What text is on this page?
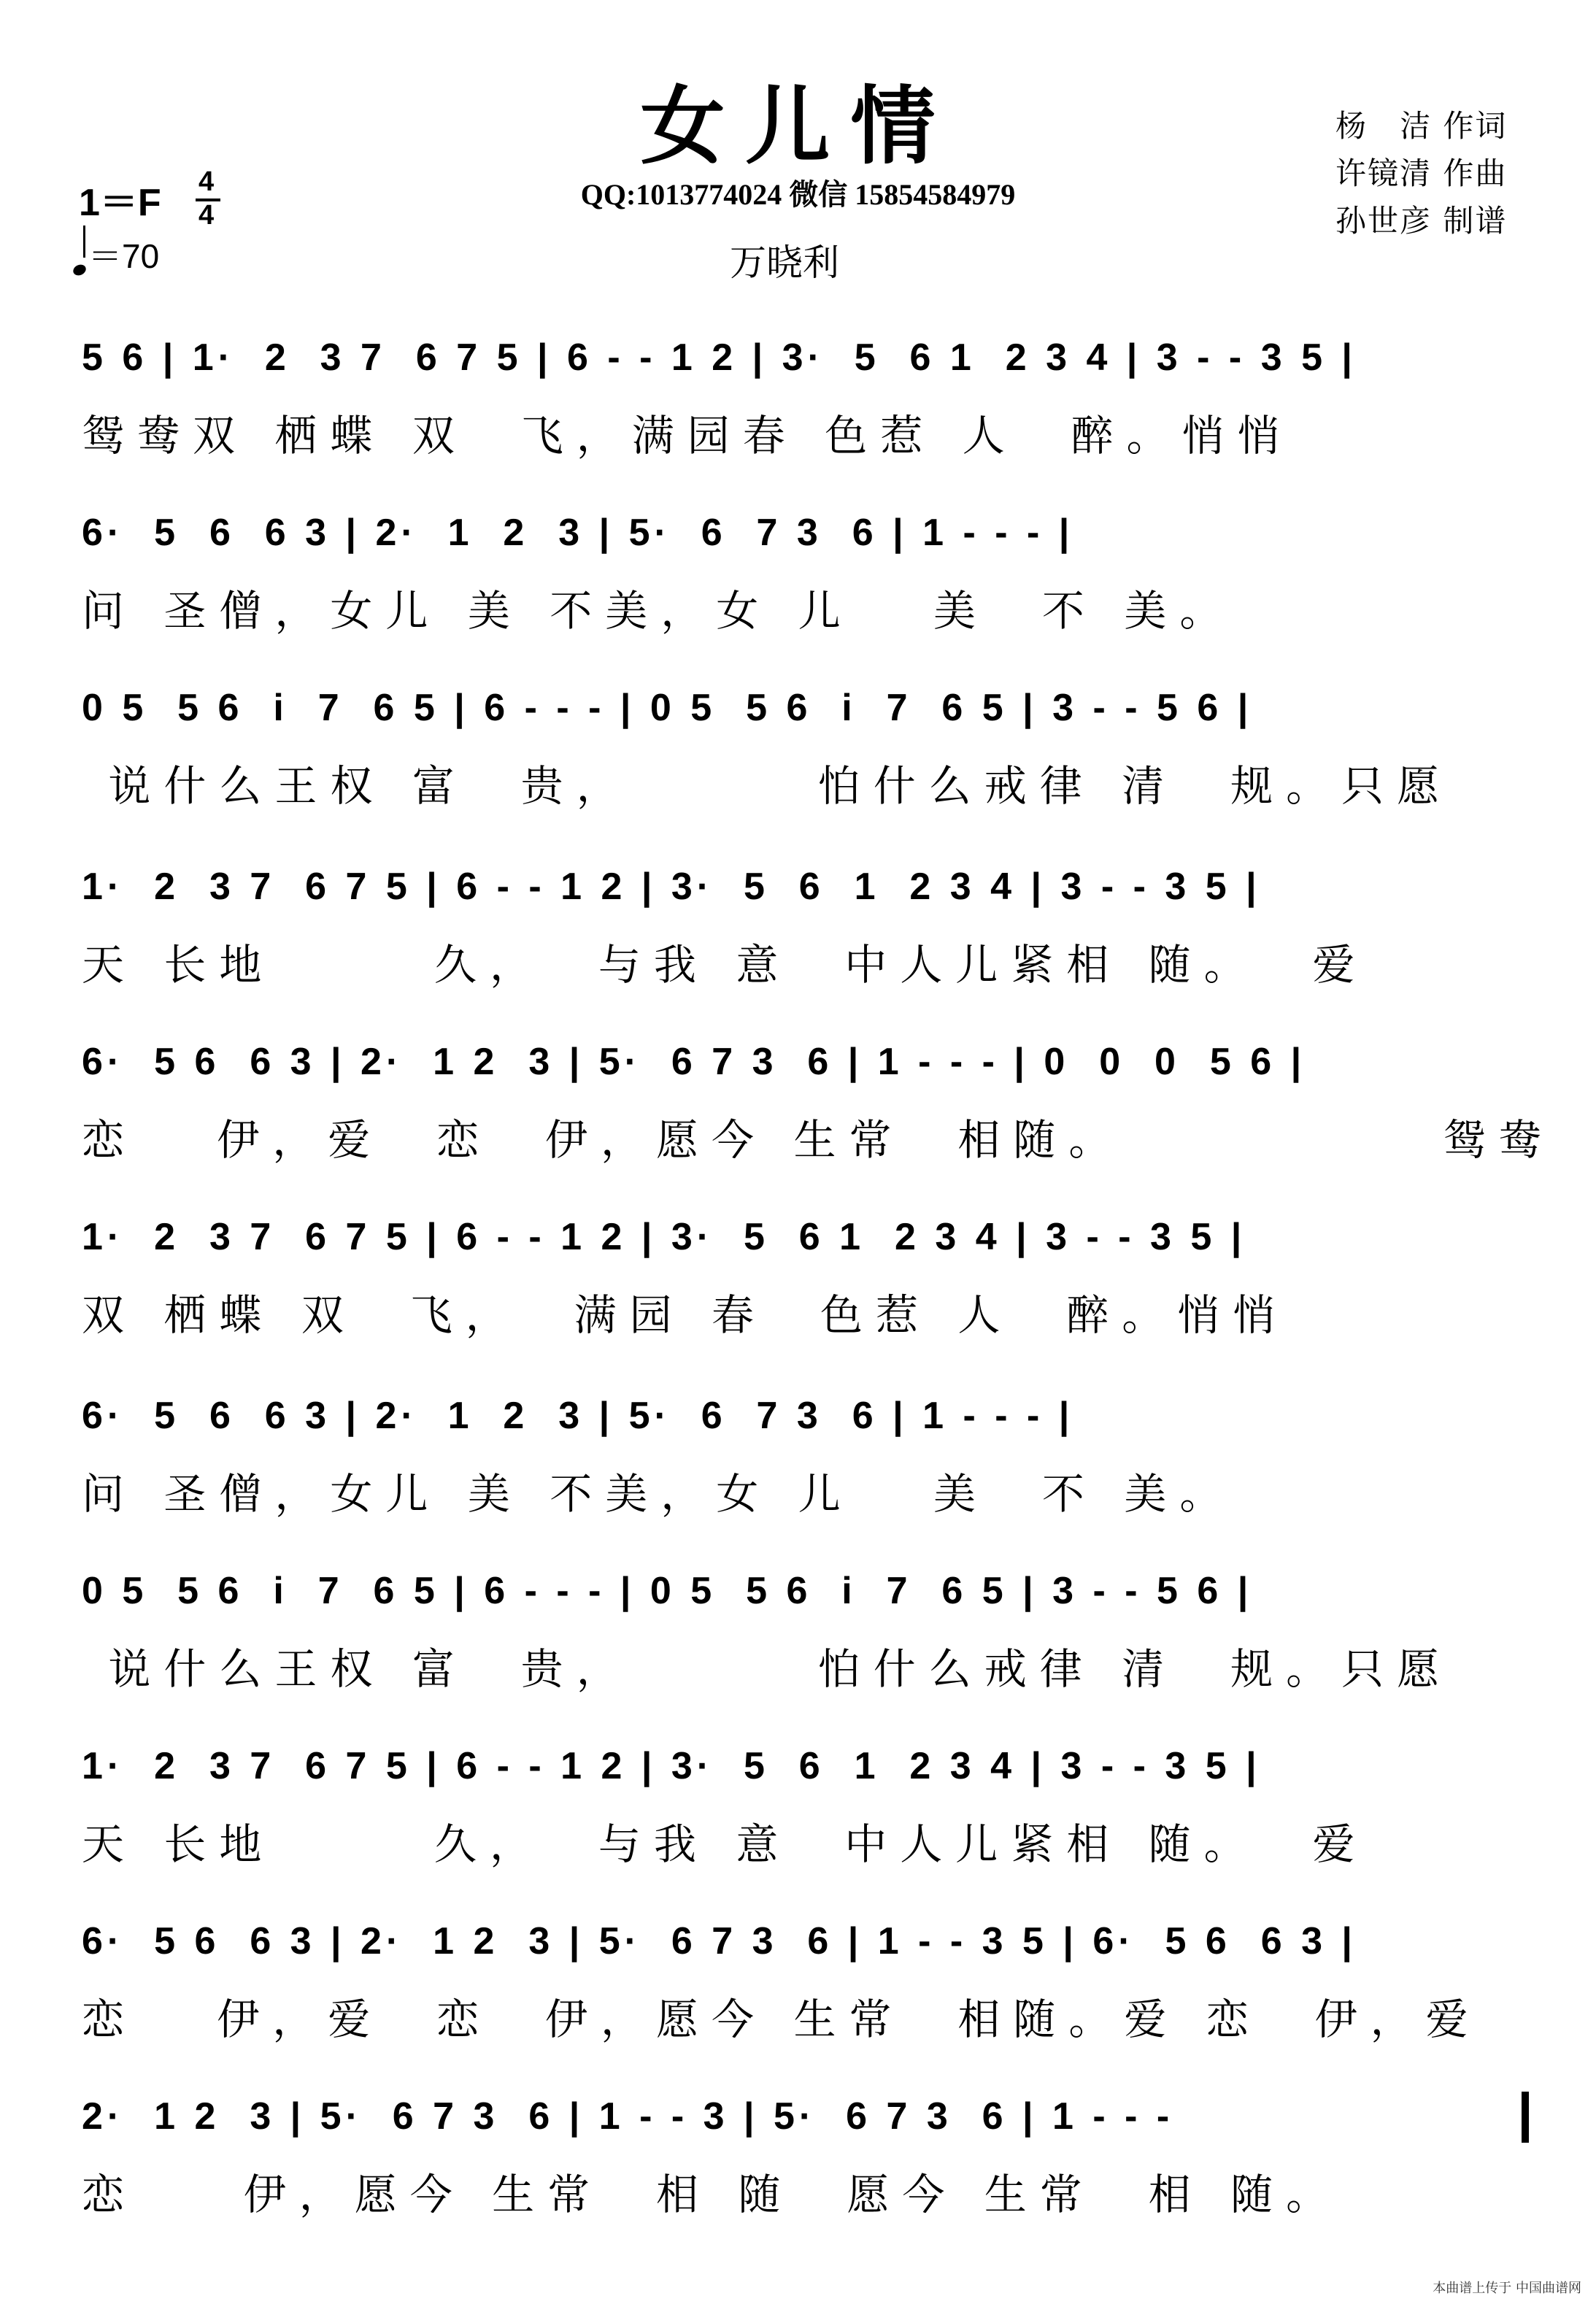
女儿情
QQ:1013774024 微信 15854584979
万晓利
杨　洁 作词
许镜清 作曲
孙世彦 制谱
1＝F 4
4
＝70
5 6 | 1·  2  3 7  6 7 5 | 6 - - 1 2 | 3·  5  6 1  2 3 4 | 3 - - 3 5 |
鸳鸯双 栖蝶 双  飞，满园春 色惹 人  醉。悄悄
6·  5  6  6 3 | 2·  1  2  3 | 5·  6  7 3  6 | 1 - - - |
问 圣僧，女儿 美 不美，女 儿   美  不 美。
0 5  5 6  i  7  6 5 | 6 - - - | 0 5  5 6  i  7  6 5 | 3 - - 5 6 |
说什么王权 富  贵，       怕什么戒律 清  规。只愿
1·  2  3 7  6 7 5 | 6 - - 1 2 | 3·  5  6  1  2 3 4 | 3 - - 3 5 |
天 长地      久，  与我 意  中人儿紧相 随。  爱
6·  5 6  6 3 | 2·  1 2  3 | 5·  6 7 3  6 | 1 - - - | 0  0  0  5 6 |
恋   伊，爱  恋  伊，愿今 生常  相随。            鸳鸯
1·  2  3 7  6 7 5 | 6 - - 1 2 | 3·  5  6 1  2 3 4 | 3 - - 3 5 |
双 栖蝶 双  飞，  满园 春  色惹 人  醉。悄悄
6·  5  6  6 3 | 2·  1  2  3 | 5·  6  7 3  6 | 1 - - - |
问 圣僧，女儿 美 不美，女 儿   美  不 美。
0 5  5 6  i  7  6 5 | 6 - - - | 0 5  5 6  i  7  6 5 | 3 - - 5 6 |
说什么王权 富  贵，       怕什么戒律 清  规。只愿
1·  2  3 7  6 7 5 | 6 - - 1 2 | 3·  5  6  1  2 3 4 | 3 - - 3 5 |
天 长地      久，  与我 意  中人儿紧相 随。  爱
6·  5 6  6 3 | 2·  1 2  3 | 5·  6 7 3  6 | 1 - - 3 5 | 6·  5 6  6 3 |
恋   伊，爱  恋  伊，愿今 生常  相随。爱 恋  伊，爱
2·  1 2  3 | 5·  6 7 3  6 | 1 - - 3 | 5·  6 7 3  6 | 1 - - -
恋    伊，愿今 生常  相 随  愿今 生常  相 随。
本曲谱上传于 中国曲谱网
